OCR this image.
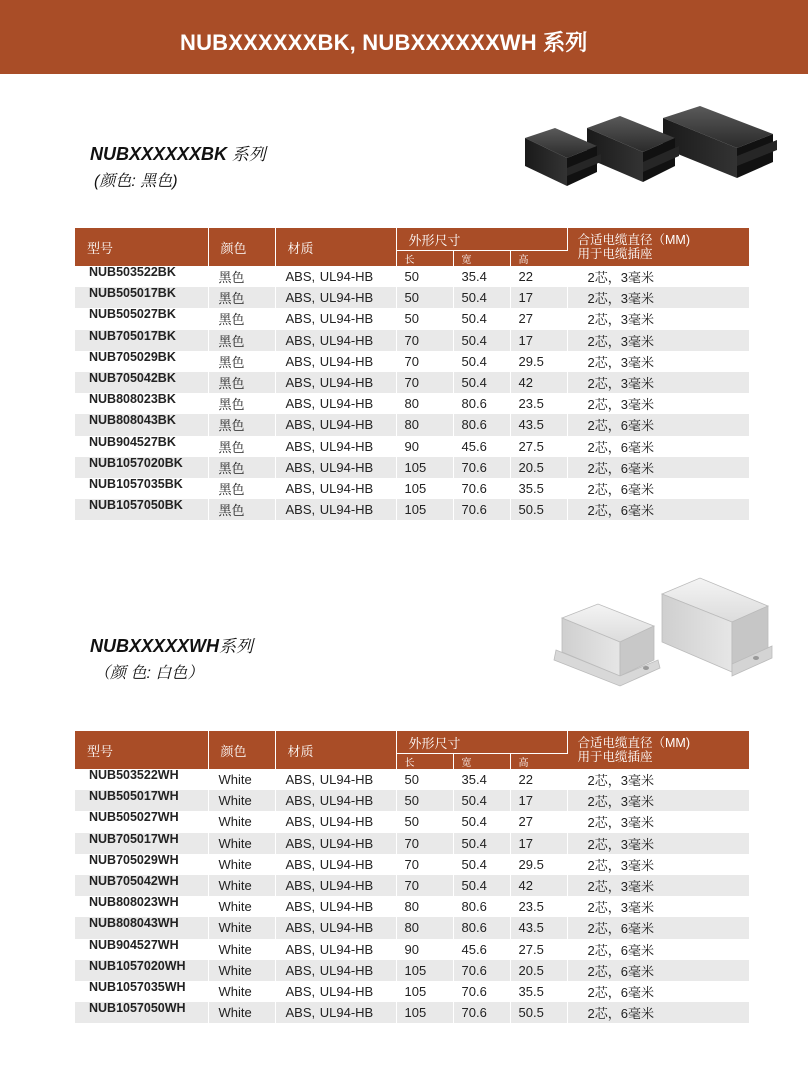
NUBXXXXXXBK, NUBXXXXXXWH 系列
NUBXXXXXXBK 系列
(颜色: 黑色)
型号	颜色	材质	外形尺寸			合适电缆直径（MM)
用于电缆插座
			长	宽	高	
NUB503522BK	黑色	ABS, UL94-HB	50	35.4	22	2芯，3毫米
NUB505017BK	黑色	ABS, UL94-HB	50	50.4	17	2芯，3毫米
NUB505027BK	黑色	ABS, UL94-HB	50	50.4	27	2芯，3毫米
NUB705017BK	黑色	ABS, UL94-HB	70	50.4	17	2芯，3毫米
NUB705029BK	黑色	ABS, UL94-HB	70	50.4	29.5	2芯，3毫米
NUB705042BK	黑色	ABS, UL94-HB	70	50.4	42	2芯，3毫米
NUB808023BK	黑色	ABS, UL94-HB	80	80.6	23.5	2芯，3毫米
NUB808043BK	黑色	ABS, UL94-HB	80	80.6	43.5	2芯，6毫米
NUB904527BK	黑色	ABS, UL94-HB	90	45.6	27.5	2芯，6毫米
NUB1057020BK	黑色	ABS, UL94-HB	105	70.6	20.5	2芯，6毫米
NUB1057035BK	黑色	ABS, UL94-HB	105	70.6	35.5	2芯，6毫米
NUB1057050BK	黑色	ABS, UL94-HB	105	70.6	50.5	2芯，6毫米
NUBXXXXXWH系列
（颜 色: 白色）
型号	颜色	材质	外形尺寸			合适电缆直径（MM)
用于电缆插座
			长	宽	高	
NUB503522WH	White	ABS, UL94-HB	50	35.4	22	2芯，3毫米
NUB505017WH	White	ABS, UL94-HB	50	50.4	17	2芯，3毫米
NUB505027WH	White	ABS, UL94-HB	50	50.4	27	2芯，3毫米
NUB705017WH	White	ABS, UL94-HB	70	50.4	17	2芯，3毫米
NUB705029WH	White	ABS, UL94-HB	70	50.4	29.5	2芯，3毫米
NUB705042WH	White	ABS, UL94-HB	70	50.4	42	2芯，3毫米
NUB808023WH	White	ABS, UL94-HB	80	80.6	23.5	2芯，3毫米
NUB808043WH	White	ABS, UL94-HB	80	80.6	43.5	2芯，6毫米
NUB904527WH	White	ABS, UL94-HB	90	45.6	27.5	2芯，6毫米
NUB1057020WH	White	ABS, UL94-HB	105	70.6	20.5	2芯，6毫米
NUB1057035WH	White	ABS, UL94-HB	105	70.6	35.5	2芯，6毫米
NUB1057050WH	White	ABS, UL94-HB	105	70.6	50.5	2芯，6毫米
